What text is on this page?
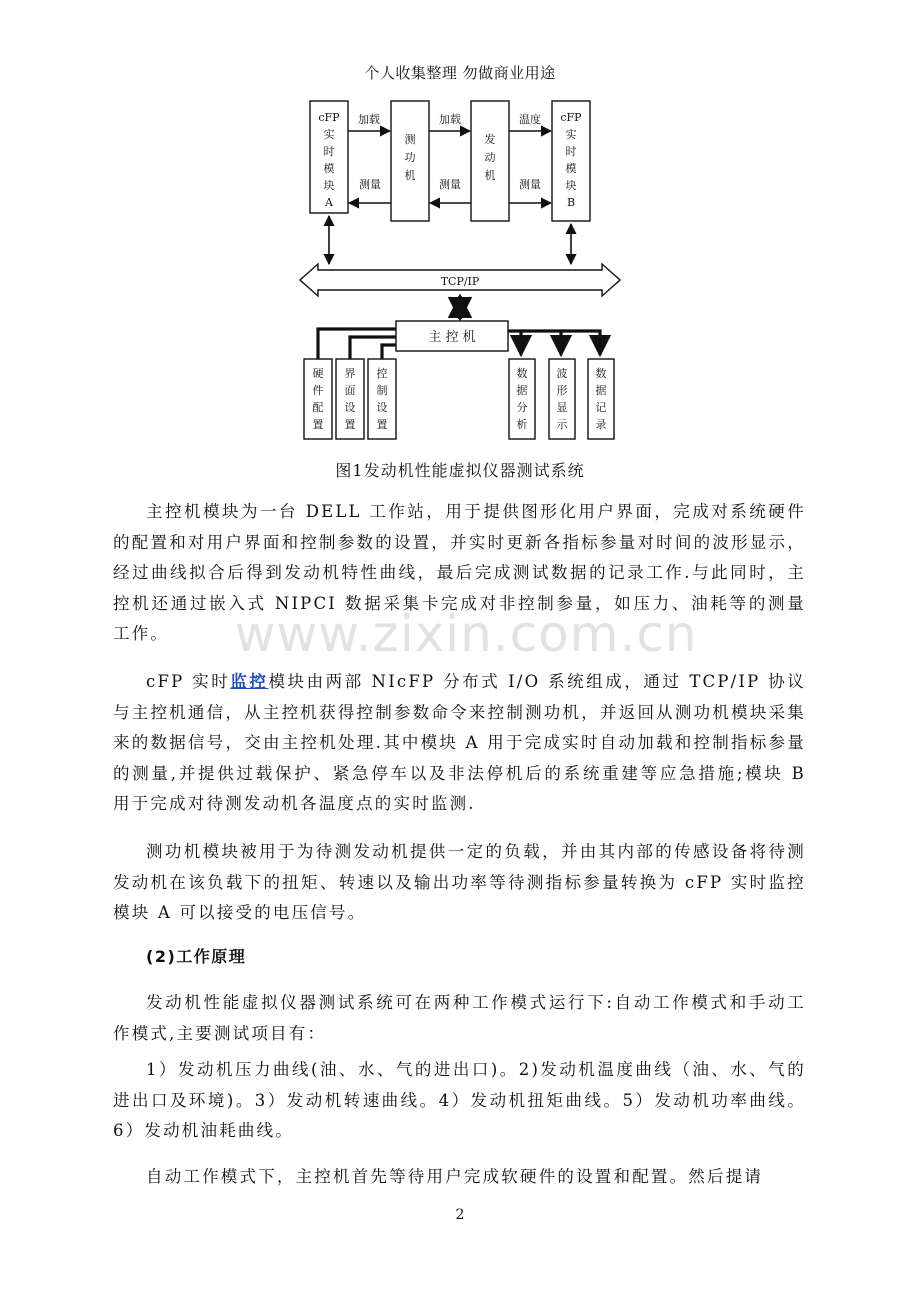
个人收集整理 勿做商业用途
cFP
实
时
模
块
A
测
功
机
发
动
机
cFP
实
时
模
块
B
加载
测量
加载
测量
温度
测量
TCP/IP
主 控 机
硬
件
配
置
界
面
设
置
控
制
设
置
数
据
分
析
波
形
显
示
数
据
记
录
图1发动机性能虚拟仪器测试系统

主控机模块为一台 DELL 工作站，用于提供图形化用户界面，完成对系统硬件的配置和对用户界面和控制参数的设置，并实时更新各指标参量对时间的波形显示，经过曲线拟合后得到发动机特性曲线，最后完成测试数据的记录工作.与此同时，主控机还通过嵌入式 NIPCI 数据采集卡完成对非控制参量，如压力、油耗等的测量工作。

cFP 实时监控模块由两部 NIcFP 分布式 I/O 系统组成，通过 TCP/IP 协议与主控机通信，从主控机获得控制参数命令来控制测功机，并返回从测功机模块采集来的数据信号，交由主控机处理.其中模块 A 用于完成实时自动加载和控制指标参量的测量,并提供过载保护、紧急停车以及非法停机后的系统重建等应急措施;模块 B 用于完成对待测发动机各温度点的实时监测.

测功机模块被用于为待测发动机提供一定的负载，并由其内部的传感设备将待测发动机在该负载下的扭矩、转速以及输出功率等待测指标参量转换为 cFP 实时监控模块 A 可以接受的电压信号。

(2)工作原理

发动机性能虚拟仪器测试系统可在两种工作模式运行下:自动工作模式和手动工作模式,主要测试项目有：

1）发动机压力曲线(油、水、气的进出口)。2)发动机温度曲线（油、水、气的进出口及环境)。3）发动机转速曲线。4）发动机扭矩曲线。5）发动机功率曲线。6）发动机油耗曲线。

自动工作模式下，主控机首先等待用户完成软硬件的设置和配置。然后提请

www.zixin.com.cn
2
